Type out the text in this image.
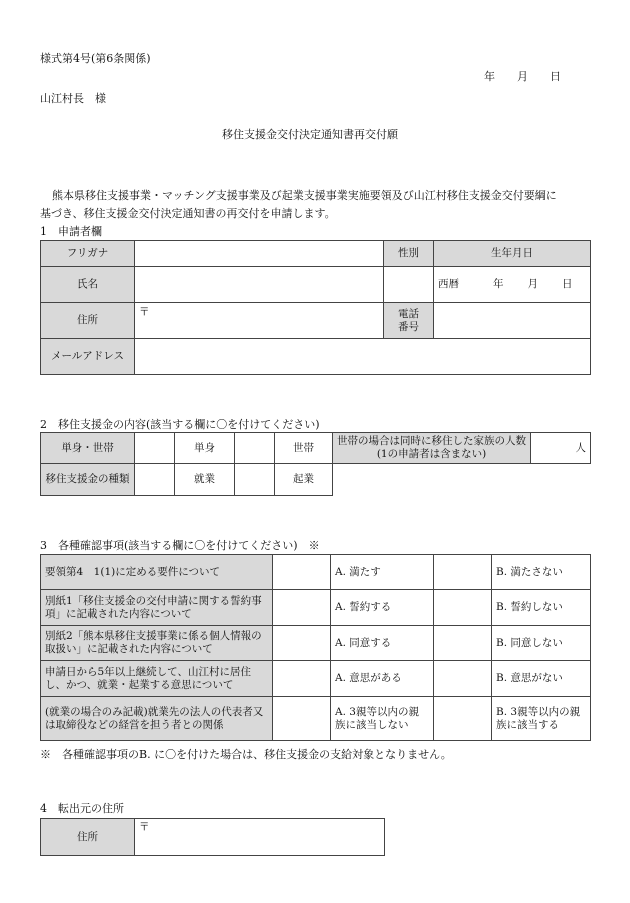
様式第4号(第6条関係)
年 月 日
山江村長　様
移住支援金交付決定通知書再交付願
熊本県移住支援事業・マッチング支援事業及び起業支援事業実施要領及び山江村移住支援金交付要綱に
基づき、移住支援金交付決定通知書の再交付を申請します。
1　申請者欄
フリガナ		性別	生年月日
氏名			西暦 年 月 日
住所	〒	電話
番号	
メールアドレス			
2　移住支援金の内容(該当する欄に〇を付けてください)
単身・世帯		単身		世帯	世帯の場合は同時に移住した家族の人数(1の申請者は含まない)	人
移住支援金の種類		就業		起業		
3　各種確認事項(該当する欄に〇を付けてください)　※
要領第4　1(1)に定める要件について		A. 満たす		B. 満たさない
別紙1「移住支援金の交付申請に関する誓約事項」に記載された内容について		A. 誓約する		B. 誓約しない
別紙2「熊本県移住支援事業に係る個人情報の取扱い」に記載された内容について		A. 同意する		B. 同意しない
申請日から5年以上継続して、山江村に居住し、かつ、就業・起業する意思について		A. 意思がある		B. 意思がない
(就業の場合のみ記載)就業先の法人の代表者又は取締役などの経営を担う者との関係		A. 3親等以内の親族に該当しない		B. 3親等以内の親族に該当する
※　各種確認事項のB. に〇を付けた場合は、移住支援金の支給対象となりません。
4　転出元の住所
住所	〒
